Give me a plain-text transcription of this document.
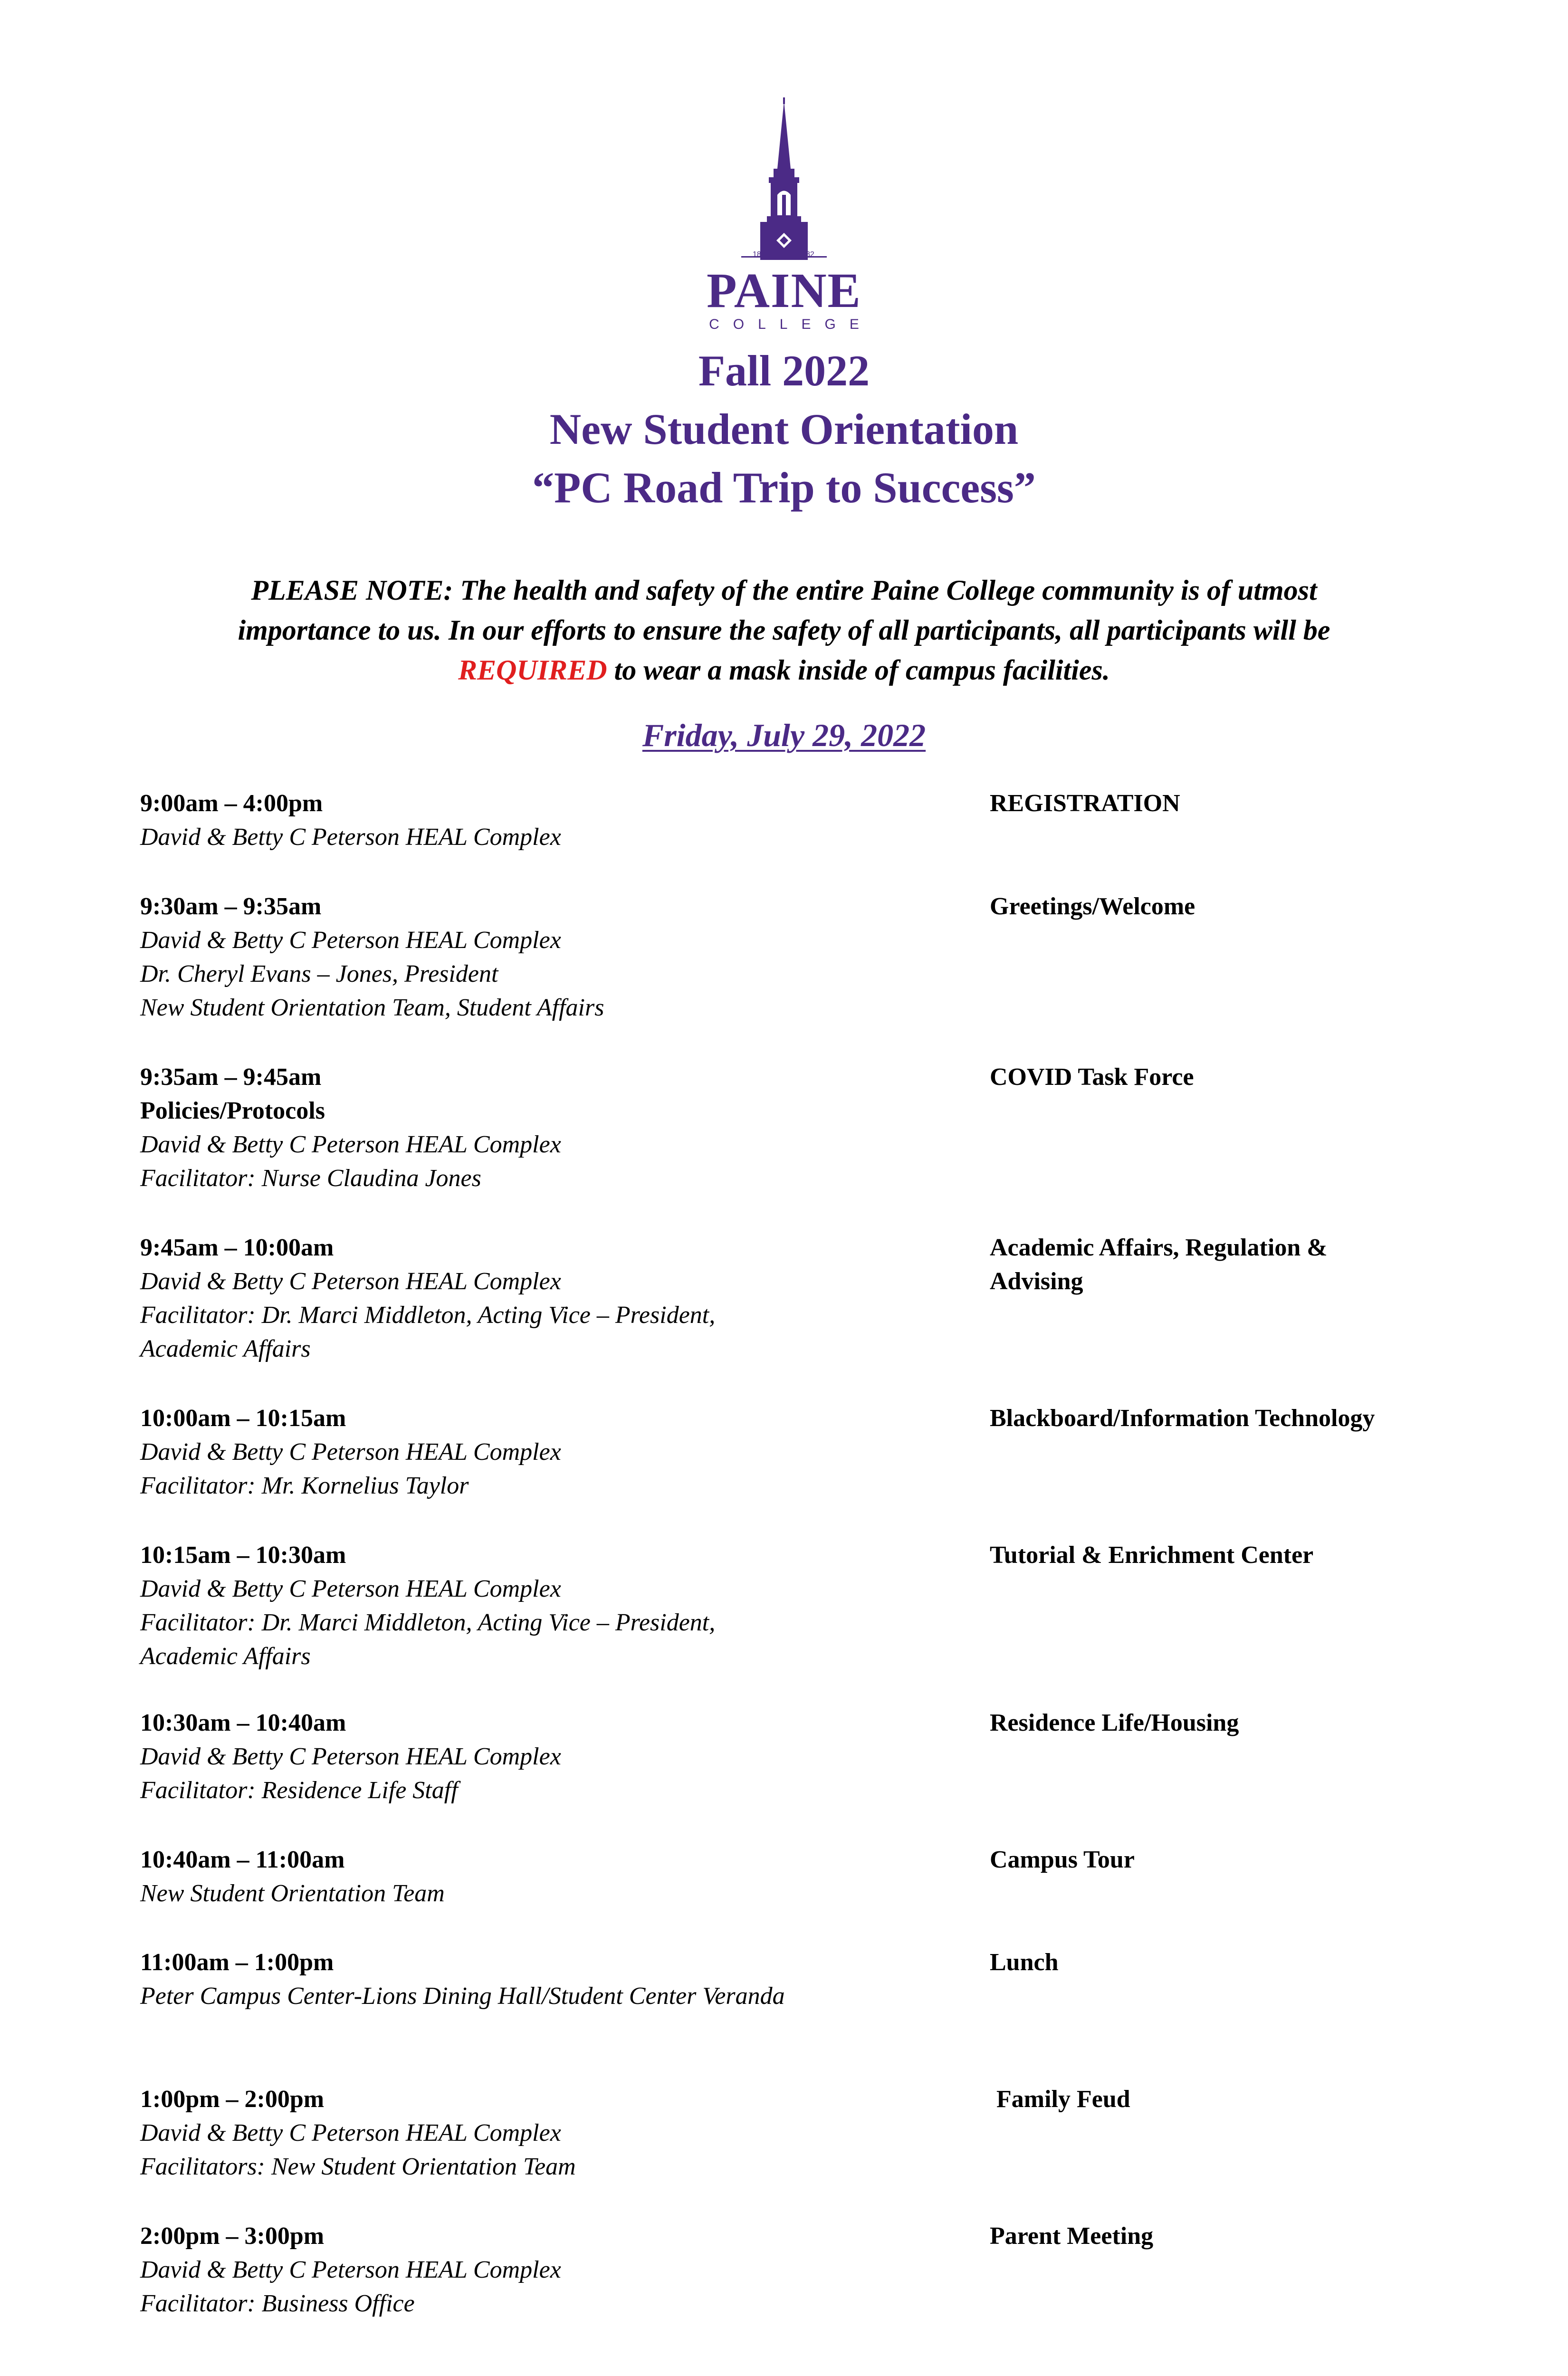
18	82
PAINE
COLLEGE
Fall 2022
New Student Orientation
“PC Road Trip to Success”
PLEASE NOTE: The health and safety of the entire Paine College community is of utmost
importance to us. In our efforts to ensure the safety of all participants, all participants will be
REQUIRED to wear a mask inside of campus facilities.
Friday, July 29, 2022
9:00am – 4:00pm
David & Betty C Peterson HEAL Complex
REGISTRATION
9:30am – 9:35am
David & Betty C Peterson HEAL Complex
Dr. Cheryl Evans – Jones, President
New Student Orientation Team, Student Affairs
Greetings/Welcome
9:35am – 9:45am
Policies/Protocols
David & Betty C Peterson HEAL Complex
Facilitator: Nurse Claudina Jones
COVID Task Force
9:45am – 10:00am
David & Betty C Peterson HEAL Complex
Facilitator: Dr. Marci Middleton, Acting Vice – President,
Academic Affairs
Academic Affairs, Regulation &
Advising
10:00am – 10:15am
David & Betty C Peterson HEAL Complex
Facilitator: Mr. Kornelius Taylor
Blackboard/Information Technology
10:15am – 10:30am
David & Betty C Peterson HEAL Complex
Facilitator: Dr. Marci Middleton, Acting Vice – President,
Academic Affairs
Tutorial & Enrichment Center
10:30am – 10:40am
David & Betty C Peterson HEAL Complex
Facilitator: Residence Life Staff
Residence Life/Housing
10:40am – 11:00am
New Student Orientation Team
Campus Tour
11:00am – 1:00pm
Peter Campus Center-Lions Dining Hall/Student Center Veranda
Lunch
1:00pm – 2:00pm
David & Betty C Peterson HEAL Complex
Facilitators: New Student Orientation Team
Family Feud
2:00pm – 3:00pm
David & Betty C Peterson HEAL Complex
Facilitator: Business Office
Parent Meeting
